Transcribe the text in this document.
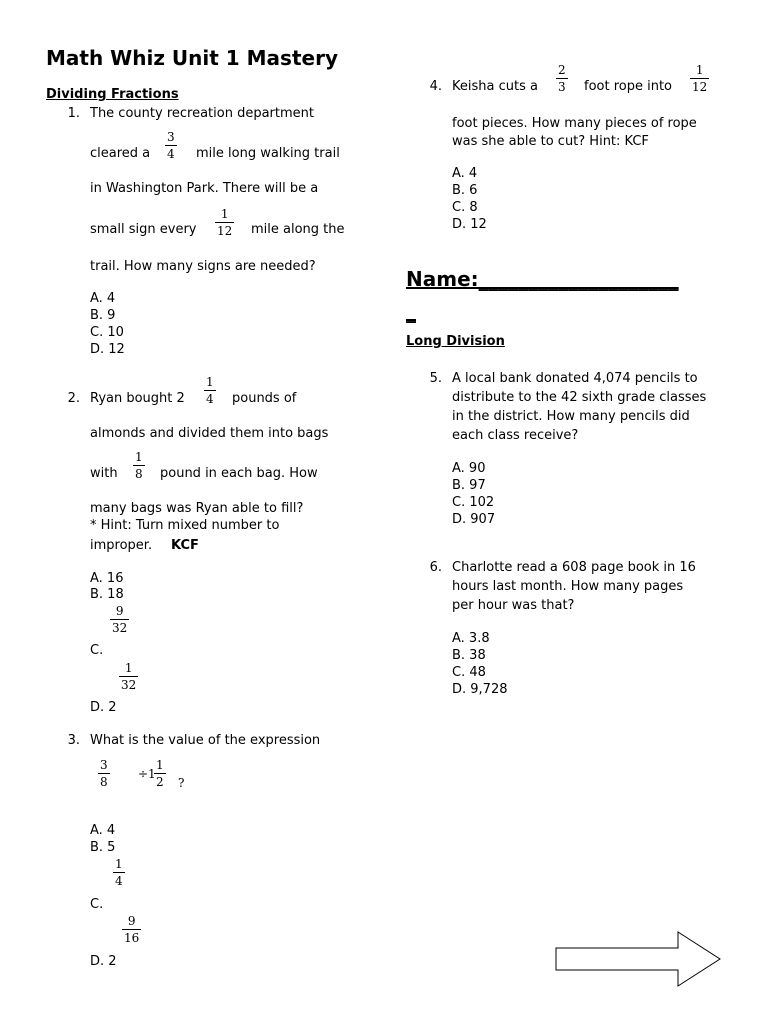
Math Whiz Unit 1 Mastery
Dividing Fractions
1. The county recreation department
cleared a $\frac{3}{4}$ mile long walking trail
in Washington Park. There will be a
small sign every $\frac{1}{12}$ mile along the
trail. How many signs are needed?
A. 4
B. 9
C. 10
D. 12
2. Ryan bought $2 \frac{1}{4}$ pounds of
almonds and divided them into bags
with $\frac{1}{8}$ pound in each bag. How
many bags was Ryan able to fill?
* Hint: Turn mixed number to
improper. KCF
A. 16
B. 18
$\frac{9}{32}$
C.
$\frac{1}{32}$
D. 2
3. What is the value of the expression
$\frac{3}{8} \div 1$
$\frac{1}{2}$ ?
A. 4
B. 5
$\frac{1}{4}$
C.
$\frac{9}{16}$
D. 2
4. Keisha cuts a $\frac{2}{3}$ foot rope into $\frac{1}{12}$
foot pieces. How many pieces of rope
was she able to cut? Hint: KCF
A. 4
B. 6
C. 8
D. 12
Name:____________________
_
Long Division
5. A local bank donated 4,074 pencils to
distribute to the 42 sixth grade classes
in the district. How many pencils did
each class receive?
A. 90
B. 97
C. 102
D. 907
6. Charlotte read a 608 page book in 16
hours last month. How many pages
per hour was that?
A. 3.8
B. 38
C. 48
D. 9,728
